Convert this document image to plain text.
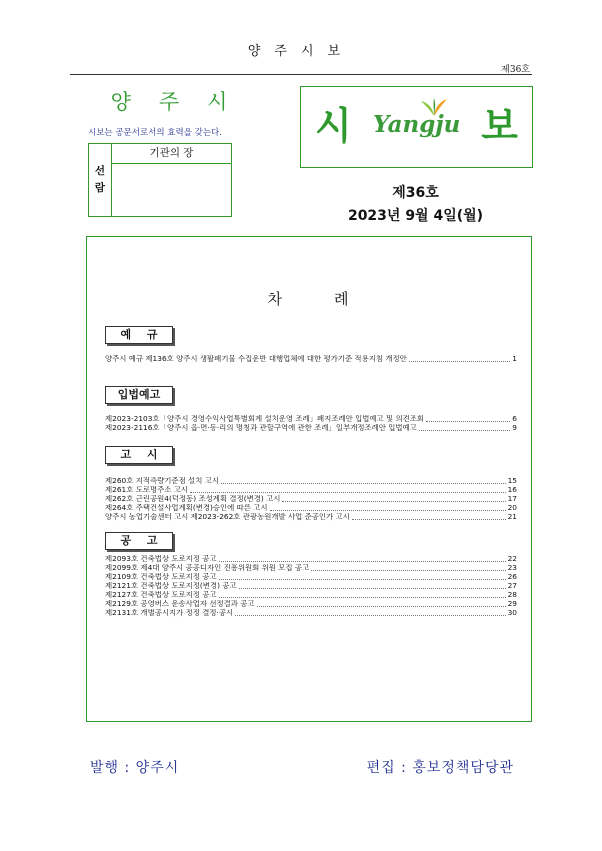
양주시보
제36호
양주시
시보는 공문서로서의 효력을 갖는다.
선
람
기관의 장
시 Yangju 보
제36호
2023년 9월 4일(월)
차례
예 규
양주시 예규 제136호 양주시 생활폐기물 수집운반 대행업체에 대한 평가기준 적용지침 개정안	1
입법예고
제2023-2103호「양주시 경영수익사업특별회계 설치운영 조례」폐지조례안 입법예고 및 의견조회	6
제2023-2116호「양주시 읍·면·동·리의 명칭과 관할구역에 관한 조례」일부개정조례안 입법예고	9
고 시
제260호 지적측량기준점 설치 고시	15
제261호 도로명주소 고시	16
제262호 근린공원4(덕정동) 조성계획 결정(변경) 고시	17
제264호 주택건설사업계획(변경)승인에 따른 고시	20
양주시 농업기술센터 고시 제2023-262호 관광농원개발 사업 준공인가 고시	21
공 고
제2093호 건축법상 도로지정 공고	22
제2099호 제4대 양주시 공공디자인 진흥위원회 위원 모집 공고	23
제2109호 건축법상 도로지정 공고	26
제2121호 건축법상 도로지정(변경) 공고	27
제2127호 건축법상 도로지정 공고	28
제2129호 공영버스 운송사업자 선정결과 공고	29
제2131호 개별공시지가 정정 결정·공시	30
발행 : 양주시	편집 : 홍보정책담당관
